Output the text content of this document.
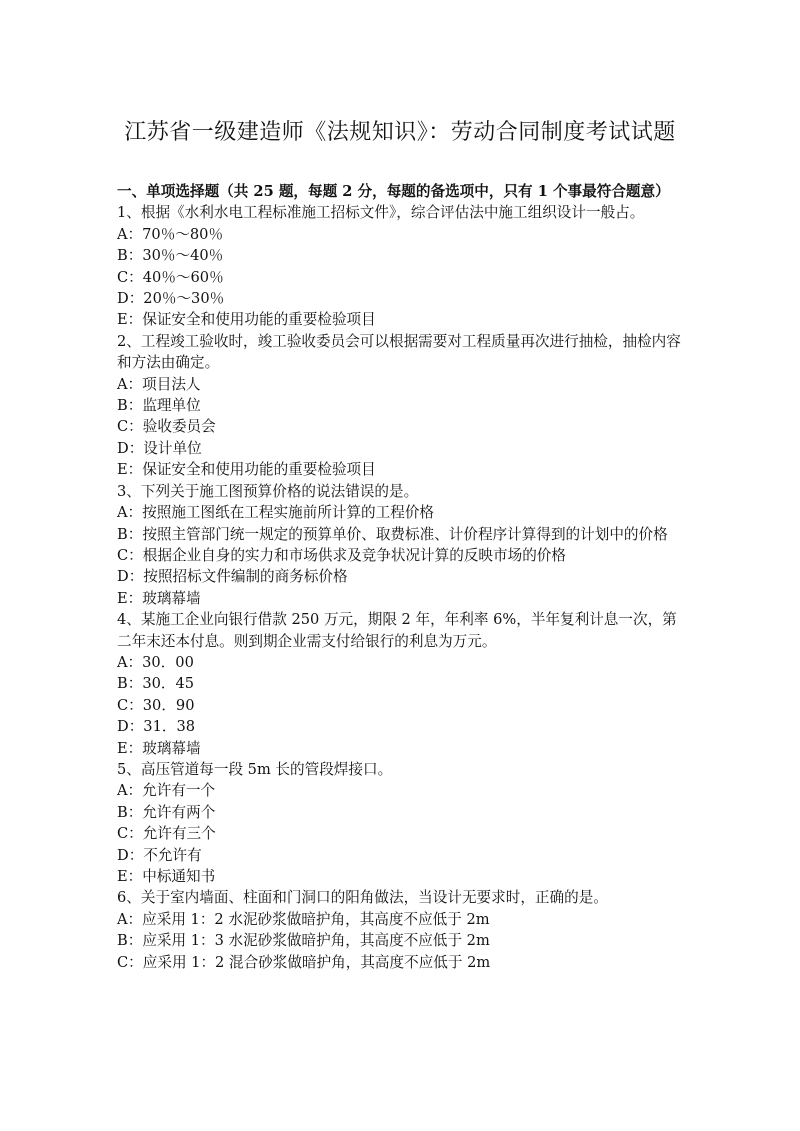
江苏省一级建造师《法规知识》：劳动合同制度考试试题

一、单项选择题（共 25 题，每题 2 分，每题的备选项中，只有 1 个事最符合题意）

1、根据《水利水电工程标准施工招标文件》，综合评估法中施工组织设计一般占。

A：70％～80％

B：30％～40％

C：40％～60％

D：20％～30％

E：保证安全和使用功能的重要检验项目

2、工程竣工验收时，竣工验收委员会可以根据需要对工程质量再次进行抽检，抽检内容和方法由确定。

A：项目法人

B：监理单位

C：验收委员会

D：设计单位

E：保证安全和使用功能的重要检验项目

3、下列关于施工图预算价格的说法错误的是。

A：按照施工图纸在工程实施前所计算的工程价格

B：按照主管部门统一规定的预算单价、取费标准、计价程序计算得到的计划中的价格

C：根据企业自身的实力和市场供求及竞争状况计算的反映市场的价格

D：按照招标文件编制的商务标价格

E：玻璃幕墙

4、某施工企业向银行借款 250 万元，期限 2 年，年利率 6%，半年复利计息一次，第二年末还本付息。则到期企业需支付给银行的利息为万元。

A：30．00

B：30．45

C：30．90

D：31．38

E：玻璃幕墙

5、高压管道每一段 5m 长的管段焊接口。

A：允许有一个

B：允许有两个

C：允许有三个

D：不允许有

E：中标通知书

6、关于室内墙面、柱面和门洞口的阳角做法，当设计无要求时，正确的是。

A：应采用 1：2 水泥砂浆做暗护角，其高度不应低于 2m

B：应采用 1：3 水泥砂浆做暗护角，其高度不应低于 2m

C：应采用 1：2 混合砂浆做暗护角，其高度不应低于 2m
